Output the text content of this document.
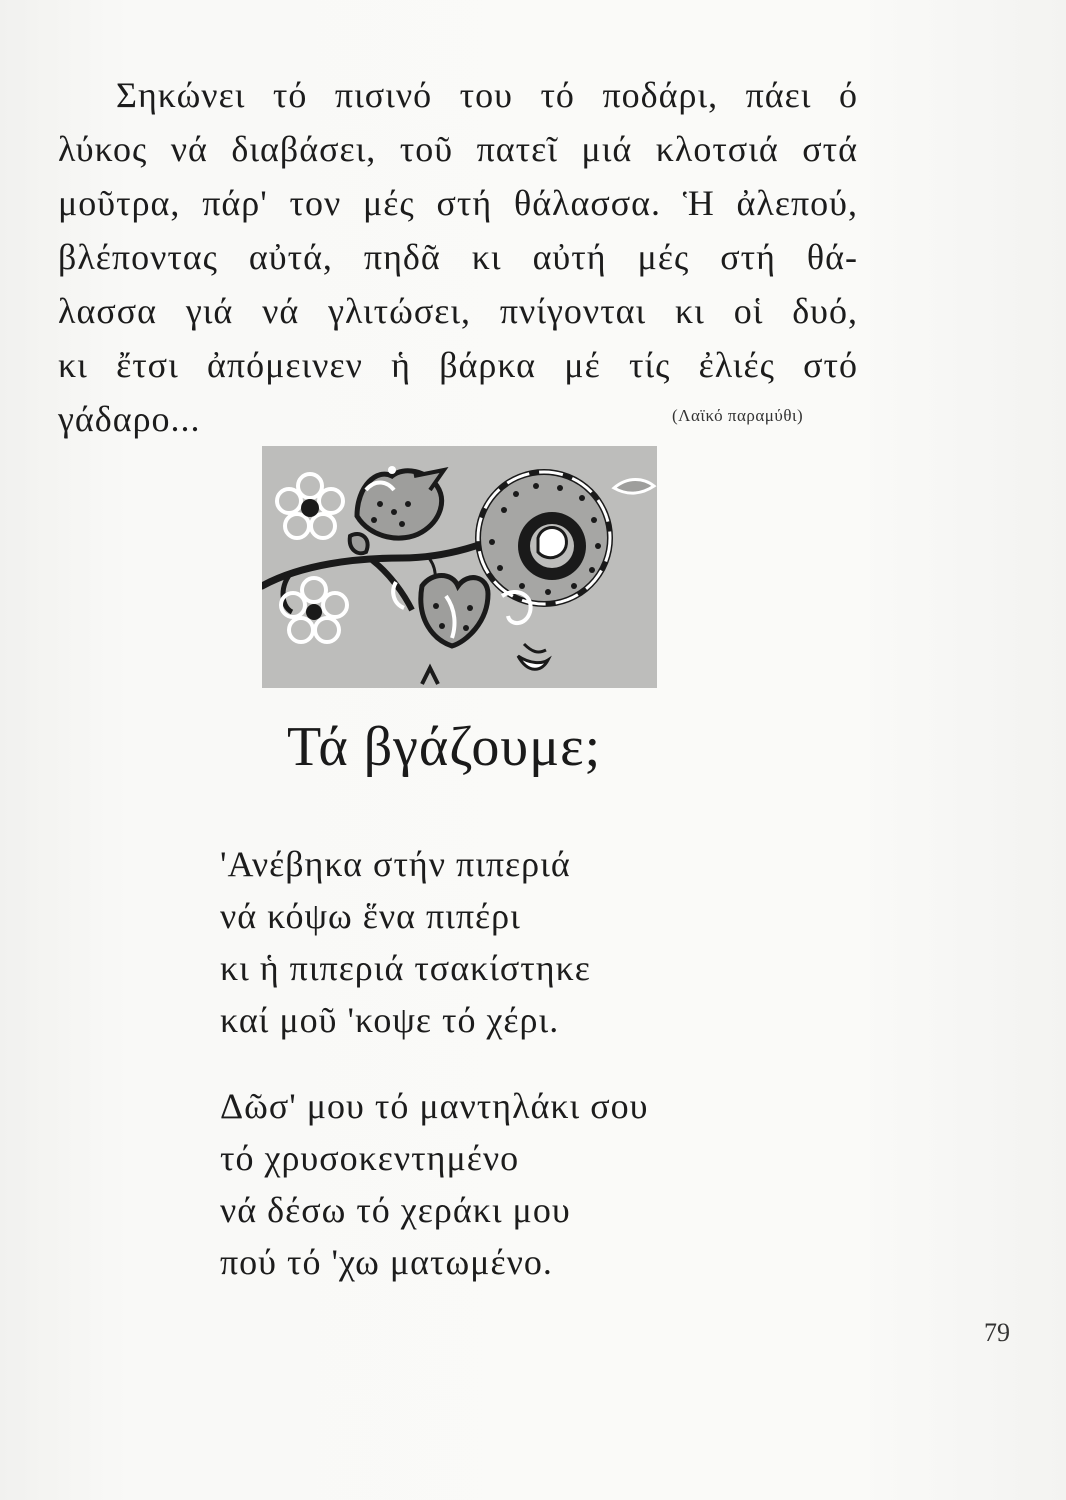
Σηκώνει τό πισινό του τό ποδάρι, πάει ό
λύκος νά διαβάσει, τοῦ πατεῖ μιά κλοτσιά στά
μοῦτρα, πάρ' τον μές στή θάλασσα. Ἡ ἀλεπού,
βλέποντας αὐτά, πηδᾶ κι αὐτή μές στή θά-
λασσα γιά νά γλιτώσει, πνίγονται κι οἱ δυό,
κι ἔτσι ἀπόμεινεν ἡ βάρκα μέ τίς ἐλιές στό
γάδαρο...	(Λαϊκό παραμύθι)
Τά βγάζουμε;
'Ανέβηκα στήν πιπεριά
νά κόψω ἕνα πιπέρι
κι ἡ πιπεριά τσακίστηκε
καί μοῦ 'κοψε τό χέρι.
Δῶσ' μου τό μαντηλάκι σου
τό χρυσοκεντημένο
νά δέσω τό χεράκι μου
πού τό 'χω ματωμένο.
79
